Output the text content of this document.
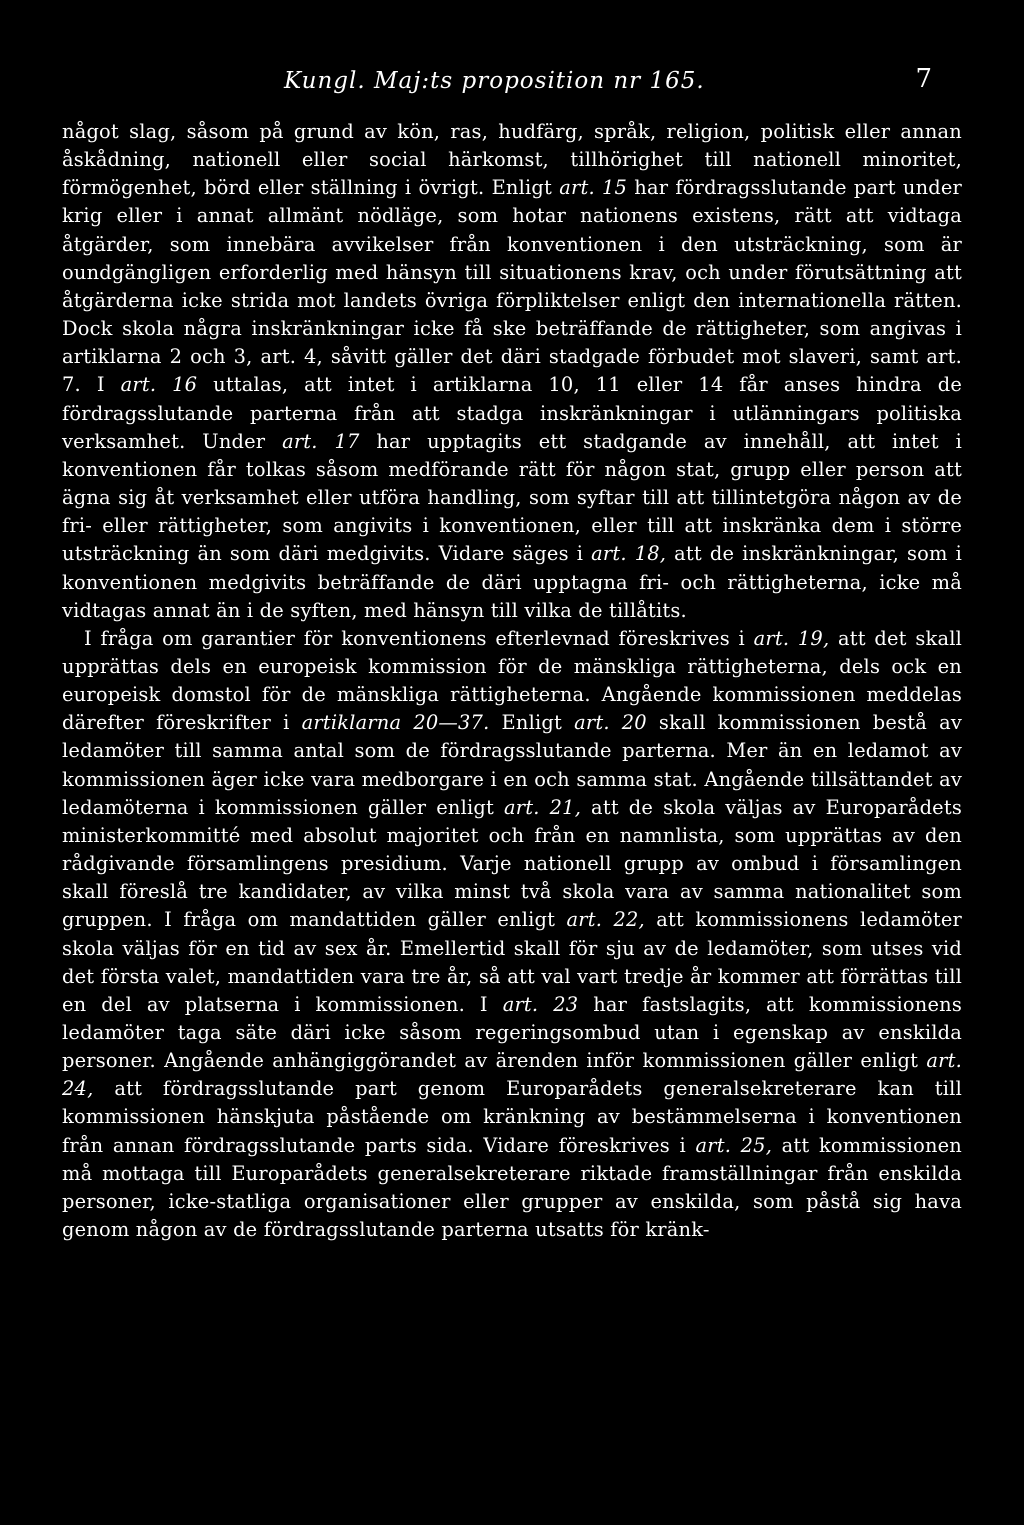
Kungl. Maj:ts proposition nr 165.	7

något slag, såsom på grund av kön, ras, hudfärg, språk, religion, politisk eller annan åskådning, nationell eller social härkomst, tillhörighet till nationell minoritet, förmögenhet, börd eller ställning i övrigt. Enligt art. 15 har fördragsslutande part under krig eller i annat allmänt nödläge, som hotar nationens existens, rätt att vidtaga åtgärder, som innebära avvikelser från konventionen i den utsträckning, som är oundgängligen erforderlig med hänsyn till situationens krav, och under förutsättning att åtgärderna icke strida mot landets övriga förpliktelser enligt den internationella rätten. Dock skola några inskränkningar icke få ske beträffande de rättigheter, som angivas i artiklarna 2 och 3, art. 4, såvitt gäller det däri stadgade förbudet mot slaveri, samt art. 7. I art. 16 uttalas, att intet i artiklarna 10, 11 eller 14 får anses hindra de fördragsslutande parterna från att stadga inskränkningar i utlänningars politiska verksamhet. Under art. 17 har upptagits ett stadgande av innehåll, att intet i konventionen får tolkas såsom medförande rätt för någon stat, grupp eller person att ägna sig åt verksamhet eller utföra handling, som syftar till att tillintetgöra någon av de fri- eller rättigheter, som angivits i konventionen, eller till att inskränka dem i större utsträckning än som däri medgivits. Vidare säges i art. 18, att de inskränkningar, som i konventionen medgivits beträffande de däri upptagna fri- och rättigheterna, icke må vidtagas annat än i de syften, med hänsyn till vilka de tillåtits.

I fråga om garantier för konventionens efterlevnad föreskrives i art. 19, att det skall upprättas dels en europeisk kommission för de mänskliga rättigheterna, dels ock en europeisk domstol för de mänskliga rättigheterna. Angående kommissionen meddelas därefter föreskrifter i artiklarna 20—37. Enligt art. 20 skall kommissionen bestå av ledamöter till samma antal som de fördragsslutande parterna. Mer än en ledamot av kommissionen äger icke vara medborgare i en och samma stat. Angående tillsättandet av ledamöterna i kommissionen gäller enligt art. 21, att de skola väljas av Europarådets ministerkommitté med absolut majoritet och från en namnlista, som upprättas av den rådgivande församlingens presidium. Varje nationell grupp av ombud i församlingen skall föreslå tre kandidater, av vilka minst två skola vara av samma nationalitet som gruppen. I fråga om mandattiden gäller enligt art. 22, att kommissionens ledamöter skola väljas för en tid av sex år. Emellertid skall för sju av de ledamöter, som utses vid det första valet, mandattiden vara tre år, så att val vart tredje år kommer att förrättas till en del av platserna i kommissionen. I art. 23 har fastslagits, att kommissionens ledamöter taga säte däri icke såsom regeringsombud utan i egenskap av enskilda personer. Angående anhängiggörandet av ärenden inför kommissionen gäller enligt art. 24, att fördragsslutande part genom Europarådets generalsekreterare kan till kommissionen hänskjuta påstående om kränkning av bestämmelserna i konventionen från annan fördragsslutande parts sida. Vidare föreskrives i art. 25, att kommissionen må mottaga till Europarådets generalsekreterare riktade framställningar från enskilda personer, icke-statliga organisationer eller grupper av enskilda, som påstå sig hava genom någon av de fördragsslutande parterna utsatts för kränk-
